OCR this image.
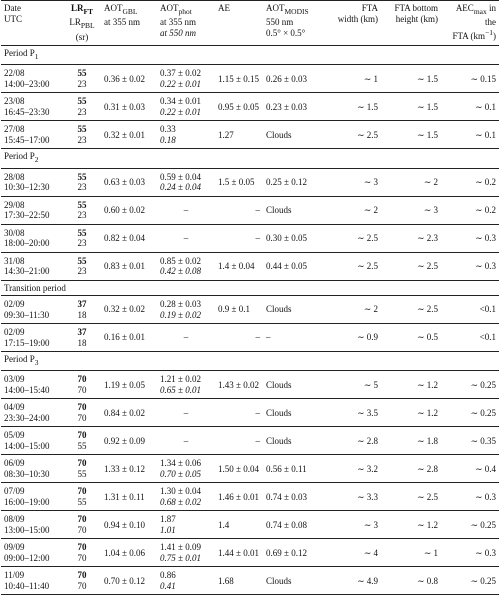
Date
UTC	$LR_{FT}$
$LR_{PBL}$
(sr)	$AOT_{GBL}$
at 355 nm	$AOT_{phot}$
at 355 nm
at 550 nm	AE	$AOT_{MODIS}$
550 nm
0.5° × 0.5°	FTA
width (km)	FTA bottom
height (km)	$AEC_{max}$ in the
FTA $(km^{-1})$

Period $P_1$

22/08
14:00–23:00	55
23	0.36 ± 0.02	0.37 ± 0.02
0.22 ± 0.01	1.15 ± 0.15	0.26 ± 0.03	∼ 1	∼ 1.5	∼ 0.15

23/08
16:45–23:30	55
23	0.31 ± 0.03	0.34 ± 0.01
0.22 ± 0.01	0.95 ± 0.05	0.23 ± 0.03	∼ 1.5	∼ 1.5	∼ 0.1

27/08
15:45–17:00	55
23	0.32 ± 0.01	0.33
0.18	1.27	Clouds	∼ 2.5	∼ 1.5	∼ 0.1

Period $P_2$

28/08
10:30–12:30	55
23	0.63 ± 0.03	0.59 ± 0.04
0.24 ± 0.04	1.5 ± 0.05	0.25 ± 0.12	∼ 3	∼ 2	∼ 0.2

29/08
17:30–22:50	55
23	0.60 ± 0.02	–	–	Clouds	∼ 2	∼ 3	∼ 0.2

30/08
18:00–20:00	55
23	0.82 ± 0.04	–	–	0.30 ± 0.05	∼ 2.5	∼ 2.3	∼ 0.3

31/08
14:30–21:00	55
23	0.83 ± 0.01	0.85 ± 0.02
0.42 ± 0.08	1.4 ± 0.04	0.44 ± 0.05	∼ 2.5	∼ 2.5	∼ 0.3

Transition period								

02/09
09:30–11:30	37
18	0.32 ± 0.02	0.28 ± 0.03
0.19 ± 0.02	0.9 ± 0.1	Clouds	∼ 2	∼ 2.5	<0.1

02/09
17:15–19:00	37
18	0.16 ± 0.01	–	–	–	∼ 0.9	∼ 0.5	<0.1

Period $P_3$

03/09
14:00–15:40	70
70	1.19 ± 0.05	1.21 ± 0.02
0.65 ± 0.01	1.43 ± 0.02	Clouds	∼ 5	∼ 1.2	∼ 0.25

04/09
23:30–24:00	70
70	0.84 ± 0.02	–	–	Clouds	∼ 3.5	∼ 1.2	∼ 0.25

05/09
14:00–15:00	70
55	0.92 ± 0.09	–	–	Clouds	∼ 2.8	∼ 1.8	∼ 0.35

06/09
08:30–10:30	70
55	1.33 ± 0.12	1.34 ± 0.06
0.70 ± 0.05	1.50 ± 0.04	0.56 ± 0.11	∼ 3.2	∼ 2.8	∼ 0.4

07/09
16:00–19:00	70
55	1.31 ± 0.11	1.30 ± 0.04
0.68 ± 0.02	1.46 ± 0.01	0.74 ± 0.03	∼ 3.3	∼ 2.5	∼ 0.3

08/09
13:00–15:00	70
70	0.94 ± 0.10	1.87
1.01	1.4	0.74 ± 0.08	∼ 3	∼ 1.2	∼ 0.25

09/09
09:00–12:00	70
70	1.04 ± 0.06	1.41 ± 0.09
0.75 ± 0.01	1.44 ± 0.01	0.69 ± 0.12	∼ 4	∼ 1	∼ 0.3

11/09
10:40–11:40	70
70	0.70 ± 0.12	0.86
0.41	1.68	Clouds	∼ 4.9	∼ 0.8	∼ 0.25
